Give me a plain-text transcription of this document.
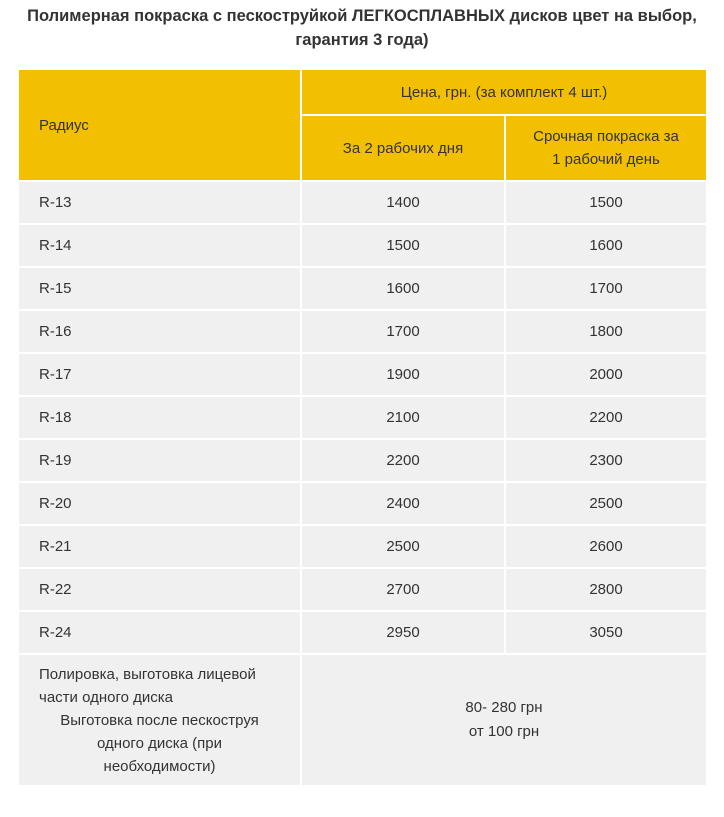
Полимерная покраска с пескоструйкой ЛЕГКОСПЛАВНЫХ дисков цвет на выбор,
гарантия 3 года)
Радиус	Цена, грн. (за комплект 4 шт.)	
	За 2 рабочих дня	Срочная покраска за
1 рабочий день

R-13	1400	1500
R-14	1500	1600
R-15	1600	1700
R-16	1700	1800
R-17	1900	2000
R-18	2100	2200
R-19	2200	2300
R-20	2400	2500
R-21	2500	2600
R-22	2700	2800
R-24	2950	3050

Полировка, выготовка лицевой
части одного диска
Выготовка после пескоструя
одного диска (при
необходимости)	80- 280 грн
от 100 грн	
